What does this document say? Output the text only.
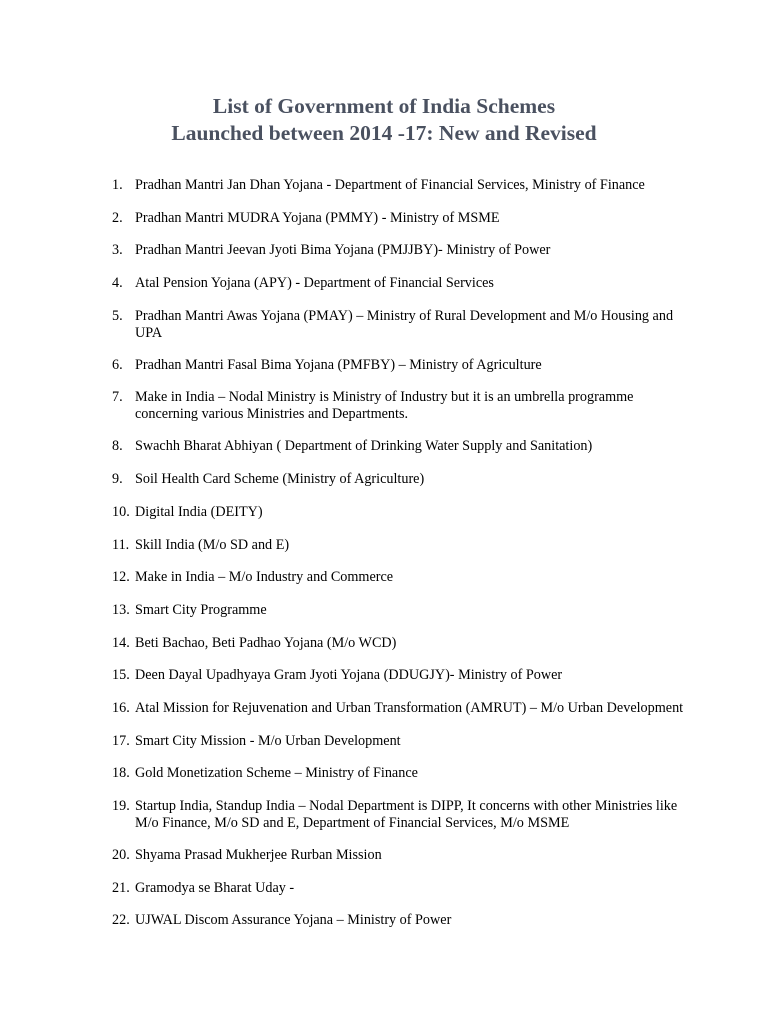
List of Government of India Schemes
Launched between 2014 -17: New and Revised
1. Pradhan Mantri Jan Dhan Yojana - Department of Financial Services, Ministry of Finance
2. Pradhan Mantri MUDRA Yojana (PMMY) - Ministry of MSME
3. Pradhan Mantri Jeevan Jyoti Bima Yojana (PMJJBY)- Ministry of Power
4. Atal Pension Yojana (APY) - Department of Financial Services
5. Pradhan Mantri Awas Yojana (PMAY) – Ministry of Rural Development and M/o Housing and UPA
6. Pradhan Mantri Fasal Bima Yojana (PMFBY) – Ministry of Agriculture
7. Make in India – Nodal Ministry is Ministry of Industry but it is an umbrella programme concerning various Ministries and Departments.
8. Swachh Bharat Abhiyan ( Department of Drinking Water Supply and Sanitation)
9. Soil Health Card Scheme (Ministry of Agriculture)
10. Digital India (DEITY)
11. Skill India (M/o SD and E)
12. Make in India – M/o Industry and Commerce
13. Smart City Programme
14. Beti Bachao, Beti Padhao Yojana (M/o WCD)
15. Deen Dayal Upadhyaya Gram Jyoti Yojana (DDUGJY)- Ministry of Power
16. Atal Mission for Rejuvenation and Urban Transformation (AMRUT) – M/o Urban Development
17. Smart City Mission - M/o Urban Development
18. Gold Monetization Scheme – Ministry of Finance
19. Startup India, Standup India – Nodal Department is DIPP, It concerns with other Ministries like M/o Finance, M/o SD and E, Department of Financial Services, M/o MSME
20. Shyama Prasad Mukherjee Rurban Mission
21. Gramodya se Bharat Uday -
22. UJWAL Discom Assurance Yojana – Ministry of Power
